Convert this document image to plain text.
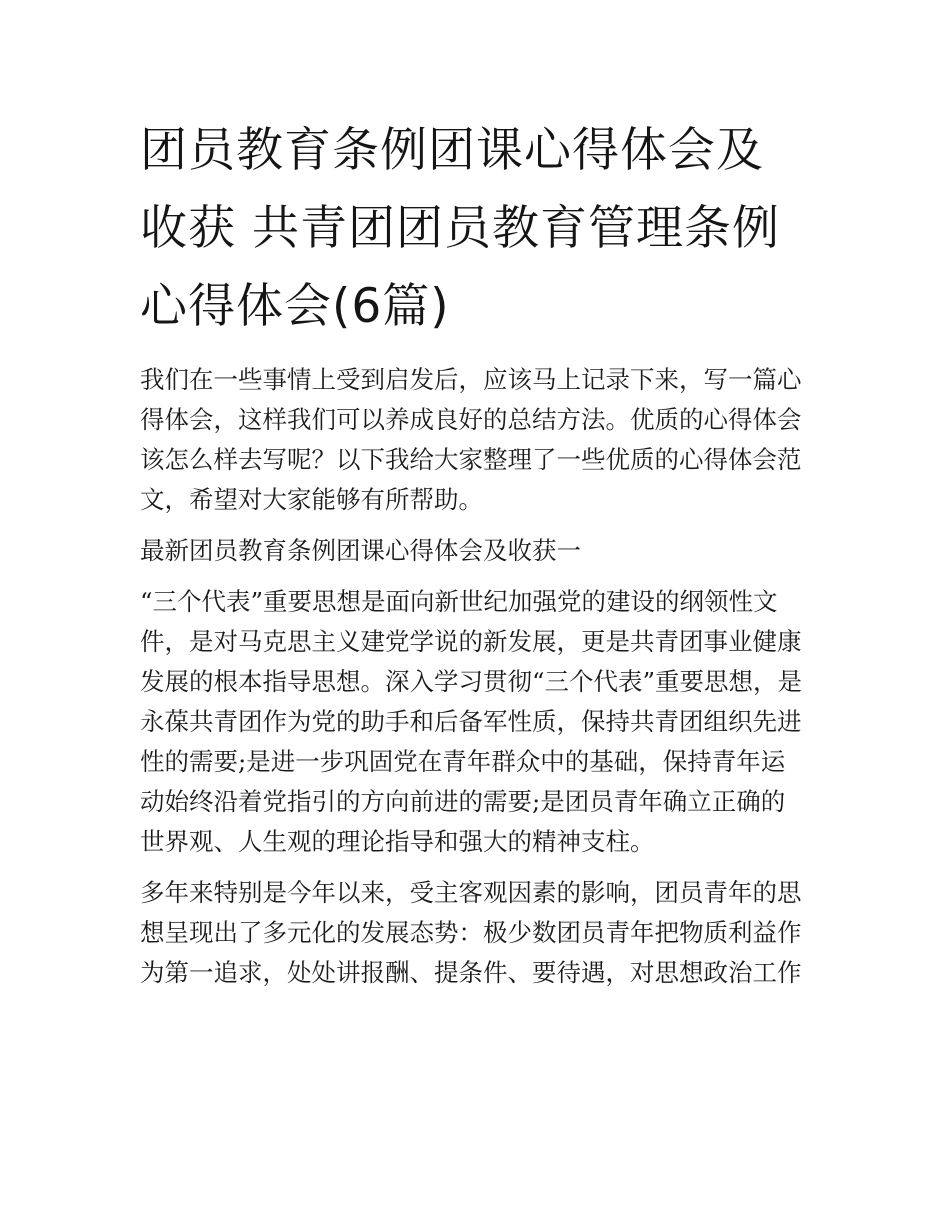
团员教育条例团课心得体会及
收获 共青团团员教育管理条例
心得体会(6篇)

我们在一些事情上受到启发后，应该马上记录下来，写一篇心
得体会，这样我们可以养成良好的总结方法。优质的心得体会
该怎么样去写呢？以下我给大家整理了一些优质的心得体会范
文，希望对大家能够有所帮助。

最新团员教育条例团课心得体会及收获一

“三个代表”重要思想是面向新世纪加强党的建设的纲领性文
件，是对马克思主义建党学说的新发展，更是共青团事业健康
发展的根本指导思想。深入学习贯彻“三个代表”重要思想，是
永葆共青团作为党的助手和后备军性质，保持共青团组织先进
性的需要;是进一步巩固党在青年群众中的基础，保持青年运
动始终沿着党指引的方向前进的需要;是团员青年确立正确的
世界观、人生观的理论指导和强大的精神支柱。

多年来特别是今年以来，受主客观因素的影响，团员青年的思
想呈现出了多元化的发展态势：极少数团员青年把物质利益作
为第一追求，处处讲报酬、提条件、要待遇，对思想政治工作
